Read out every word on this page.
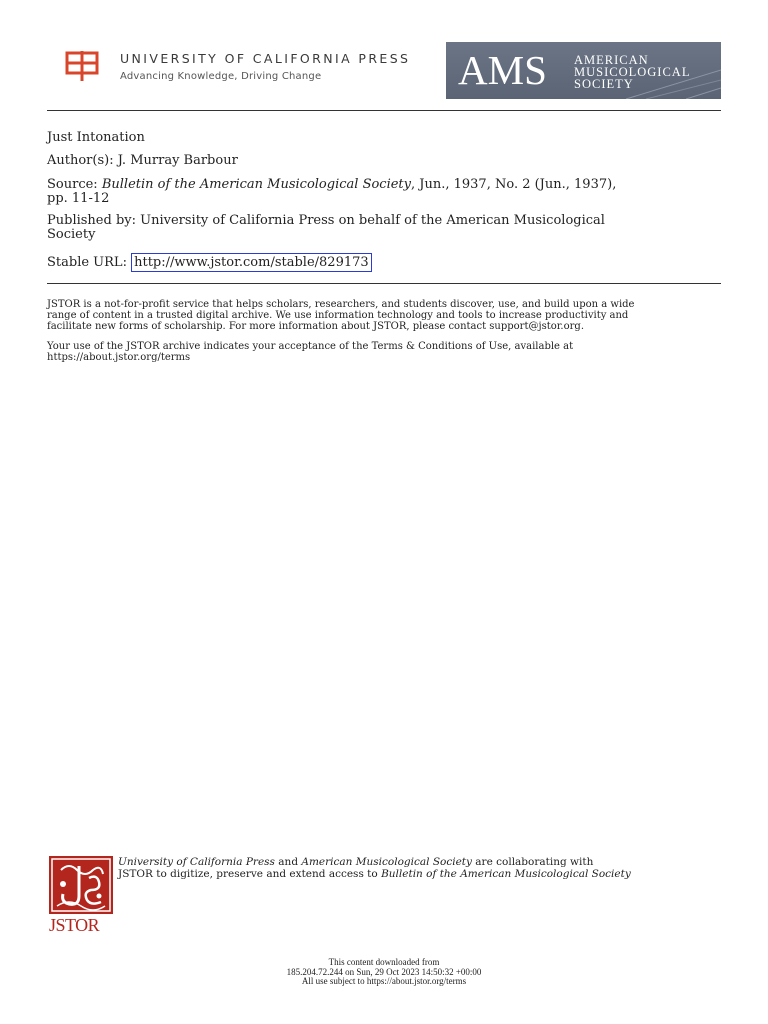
UNIVERSITY OF CALIFORNIA PRESS
Advancing Knowledge, Driving Change	AMS AMERICAN
MUSICOLOGICAL
SOCIETY
Just Intonation
Author(s): J. Murray Barbour
Source: Bulletin of the American Musicological Society, Jun., 1937, No. 2 (Jun., 1937),
pp. 11-12
Published by: University of California Press on behalf of the American Musicological
Society
Stable URL: http://www.jstor.com/stable/829173
JSTOR is a not-for-profit service that helps scholars, researchers, and students discover, use, and build upon a wide
range of content in a trusted digital archive. We use information technology and tools to increase productivity and
facilitate new forms of scholarship. For more information about JSTOR, please contact support@jstor.org.
Your use of the JSTOR archive indicates your acceptance of the Terms & Conditions of Use, available at
https://about.jstor.org/terms
JSTOR
University of California Press and American Musicological Society are collaborating with
JSTOR to digitize, preserve and extend access to Bulletin of the American Musicological Society
This content downloaded from
185.204.72.244 on Sun, 29 Oct 2023 14:50:32 +00:00
All use subject to https://about.jstor.org/terms
